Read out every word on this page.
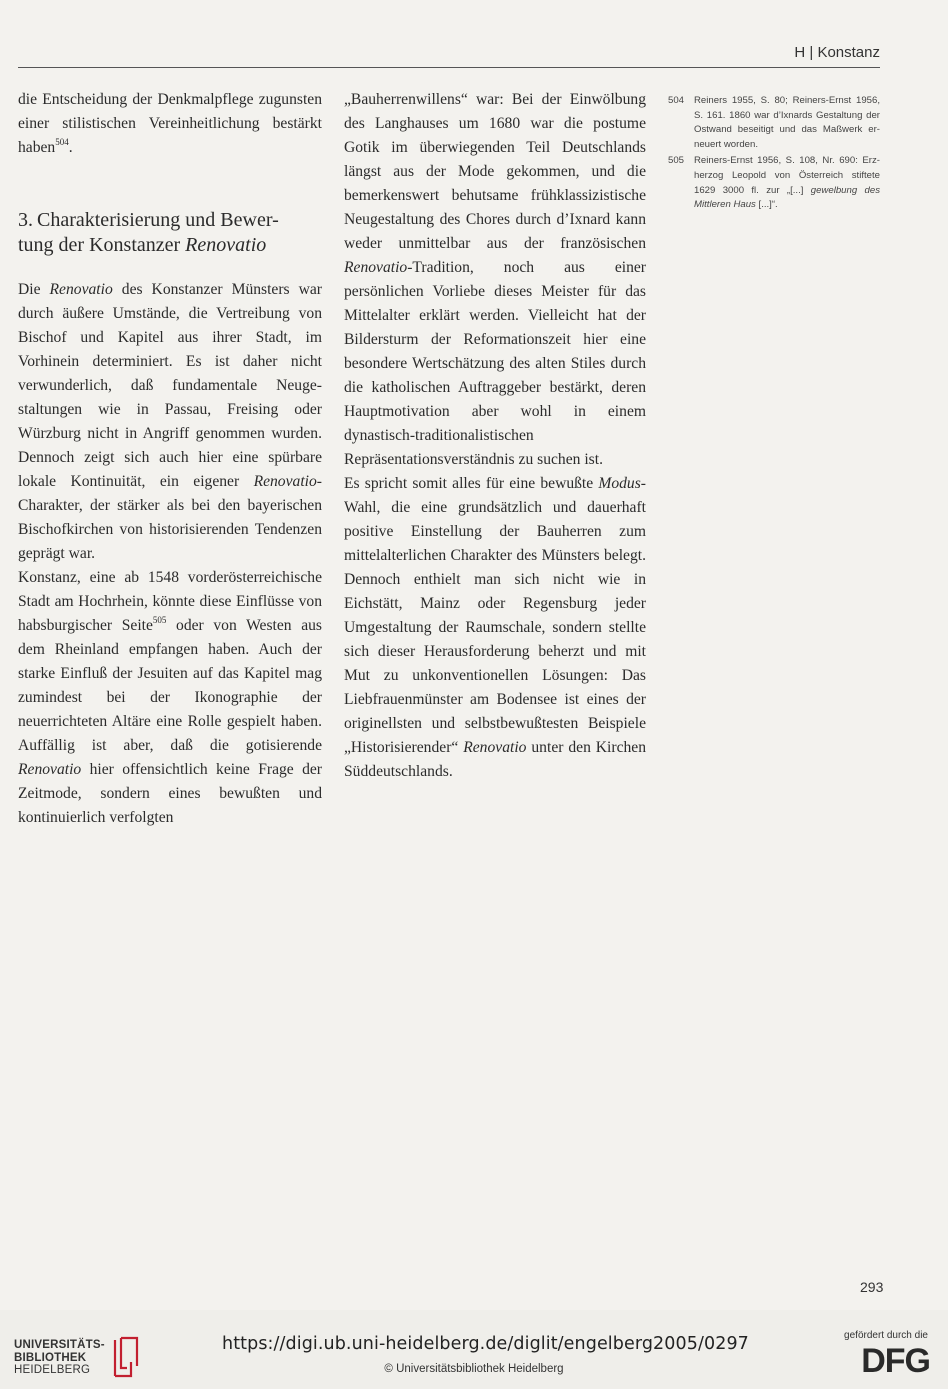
H | Konstanz

die Entscheidung der Denkmalpflege zugunsten einer stilistischen Vereinheitlichung bestärkt haben$^{504}$.

3. Charakterisierung und Bewer-
tung der Konstanzer Renovatio

Die Renovatio des Konstanzer Münsters war durch äußere Umstände, die Vertreibung von Bischof und Kapitel aus ihrer Stadt, im Vorhinein determiniert. Es ist daher nicht verwunderlich, daß fundamentale Neugestaltungen wie in Passau, Freising oder Würzburg nicht in Angriff genommen wurden. Dennoch zeigt sich auch hier eine spürbare lokale Kontinuität, ein eigener Renovatio-Charakter, der stärker als bei den bayerischen Bischofkirchen von historisierenden Tendenzen geprägt war.

Konstanz, eine ab 1548 vorderösterreichische Stadt am Hochrhein, könnte diese Einflüsse von habsburgischer Seite$^{505}$ oder von Westen aus dem Rheinland empfangen haben. Auch der starke Einfluß der Jesuiten auf das Kapitel mag zumindest bei der Ikonographie der neuerrichteten Altäre eine Rolle gespielt haben. Auffällig ist aber, daß die gotisierende Renovatio hier offensichtlich keine Frage der Zeitmode, sondern eines bewußten und kontinuierlich verfolgten

„Bauherrenwillens“ war: Bei der Einwölbung des Langhauses um 1680 war die postume Gotik im überwiegenden Teil Deutschlands längst aus der Mode gekommen, und die bemerkenswert behutsame frühklassizistische Neugestaltung des Chores durch d’Ixnard kann weder unmittelbar aus der französischen Renovatio-Tradition, noch aus einer persönlichen Vorliebe dieses Meister für das Mittelalter erklärt werden. Vielleicht hat der Bildersturm der Reformationszeit hier eine besondere Wertschätzung des alten Stiles durch die katholischen Auftraggeber bestärkt, deren Hauptmotivation aber wohl in einem dynastisch-traditionalistischen Repräsentationsverständnis zu suchen ist.

Es spricht somit alles für eine bewußte Modus-Wahl, die eine grundsätzlich und dauerhaft positive Einstellung der Bauherren zum mittelalterlichen Charakter des Münsters belegt. Dennoch enthielt man sich nicht wie in Eichstätt, Mainz oder Regensburg jeder Umgestaltung der Raumschale, sondern stellte sich dieser Herausforderung beherzt und mit Mut zu unkonventionellen Lösungen: Das Liebfrauenmünster am Bodensee ist eines der originellsten und selbstbewußtesten Beispiele „Historisierender“ Renovatio unter den Kirchen Süddeutschlands.

504	Reiners 1955, S. 80; Reiners-Ernst 1956, S. 161. 1860 war d’Ixnards Gestaltung der Ostwand beseitigt und das Maßwerk erneuert worden.
505	Reiners-Ernst 1956, S. 108, Nr. 690: Erzherzog Leopold von Österreich stiftete 1629 3000 fl. zur „[...] gewelbung des Mittleren Haus [...]“.
293
UNIVERSITÄTS-
BIBLIOTHEK
HEIDELBERG
https://digi.ub.uni-heidelberg.de/diglit/engelberg2005/0297
© Universitätsbibliothek Heidelberg
gefördert durch die
DFG
